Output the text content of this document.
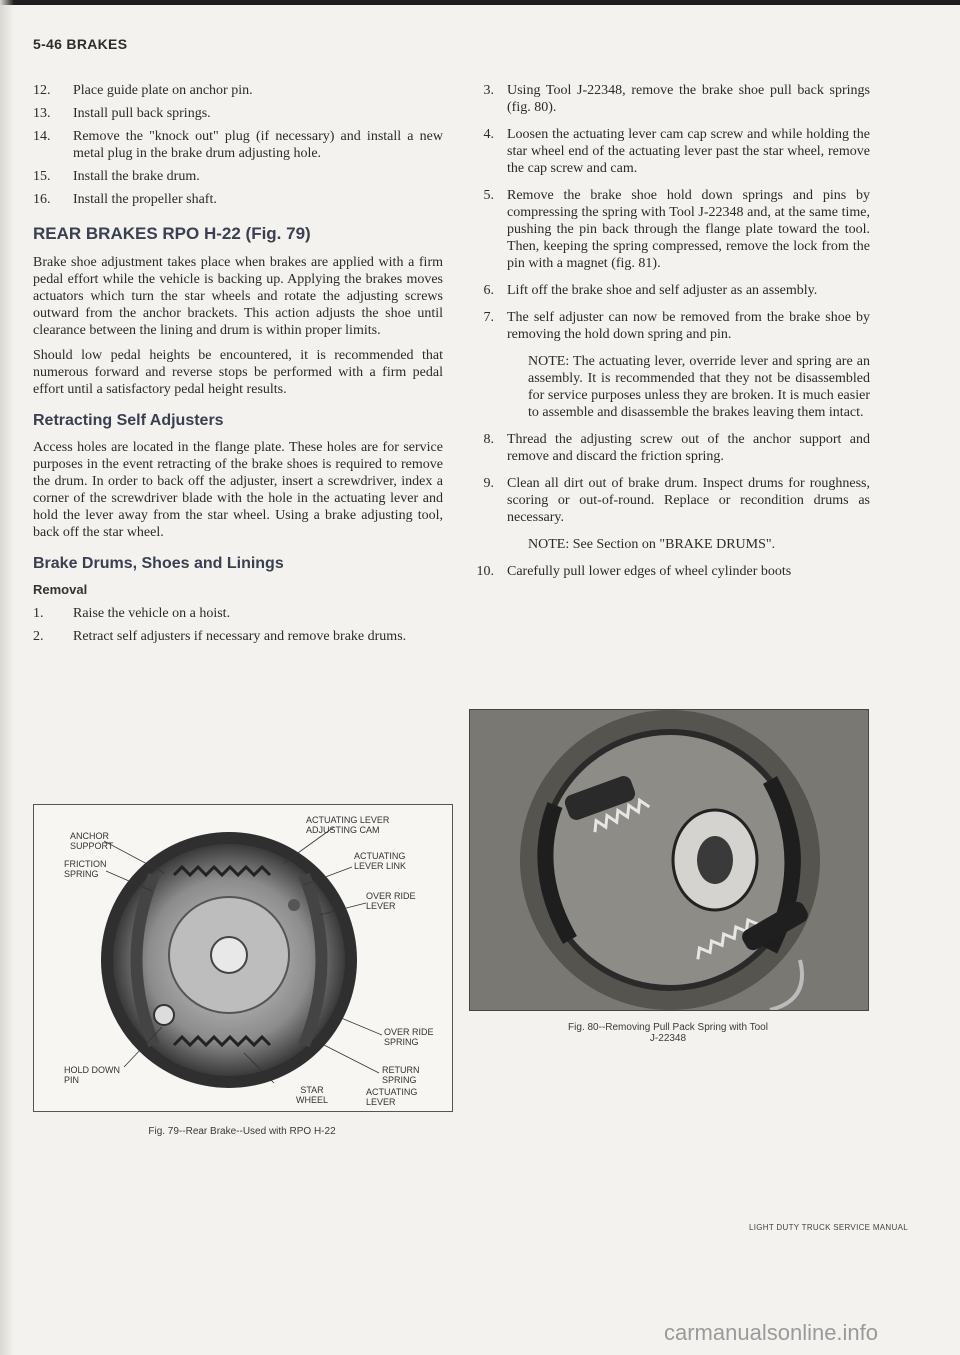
5-46 BRAKES
12.	Place guide plate on anchor pin.
13.	Install pull back springs.
14.	Remove the "knock out" plug (if necessary) and install a new metal plug in the brake drum adjusting hole.
15.	Install the brake drum.
16.	Install the propeller shaft.
REAR BRAKES RPO H-22 (Fig. 79)

Brake shoe adjustment takes place when brakes are applied with a firm pedal effort while the vehicle is backing up. Applying the brakes moves actuators which turn the star wheels and rotate the adjusting screws outward from the anchor brackets. This action adjusts the shoe until clearance between the lining and drum is within proper limits.

Should low pedal heights be encountered, it is recommended that numerous forward and reverse stops be performed with a firm pedal effort until a satisfactory pedal height results.

Retracting Self Adjusters

Access holes are located in the flange plate. These holes are for service purposes in the event retracting of the brake shoes is required to remove the drum. In order to back off the adjuster, insert a screwdriver, index a corner of the screwdriver blade with the hole in the actuating lever and hold the lever away from the star wheel. Using a brake adjusting tool, back off the star wheel.

Brake Drums, Shoes and Linings
Removal
1.	Raise the vehicle on a hoist.
2.	Retract self adjusters if necessary and remove brake drums.
3. Using Tool J-22348, remove the brake shoe pull back springs (fig. 80).
4. Loosen the actuating lever cam cap screw and while holding the star wheel end of the actuating lever past the star wheel, remove the cap screw and cam.
5. Remove the brake shoe hold down springs and pins by compressing the spring with Tool J-22348 and, at the same time, pushing the pin back through the flange plate toward the tool. Then, keeping the spring compressed, remove the lock from the pin with a magnet (fig. 81).
6. Lift off the brake shoe and self adjuster as an assembly.
7. The self adjuster can now be removed from the brake shoe by removing the hold down spring and pin.

NOTE: The actuating lever, override lever and spring are an assembly. It is recommended that they not be disassembled for service purposes unless they are broken. It is much easier to assemble and disassemble the brakes leaving them intact.

8. Thread the adjusting screw out of the anchor support and remove and discard the friction spring.
9. Clean all dirt out of brake drum. Inspect drums for roughness, scoring or out-of-round. Replace or recondition drums as necessary.

NOTE: See Section on "BRAKE DRUMS".

10. Carefully pull lower edges of wheel cylinder boots
ANCHOR SUPPORT
FRICTION SPRING
ACTUATING LEVER ADJUSTING CAM
ACTUATING LEVER LINK
OVER RIDE LEVER
OVER RIDE SPRING
RETURN SPRING
HOLD DOWN PIN
ACTUATING LEVER
STAR WHEEL
Fig. 79--Rear Brake--Used with RPO H-22
Fig. 80--Removing Pull Pack Spring with Tool
J-22348
LIGHT DUTY TRUCK SERVICE MANUAL
carmanualsonline.info
